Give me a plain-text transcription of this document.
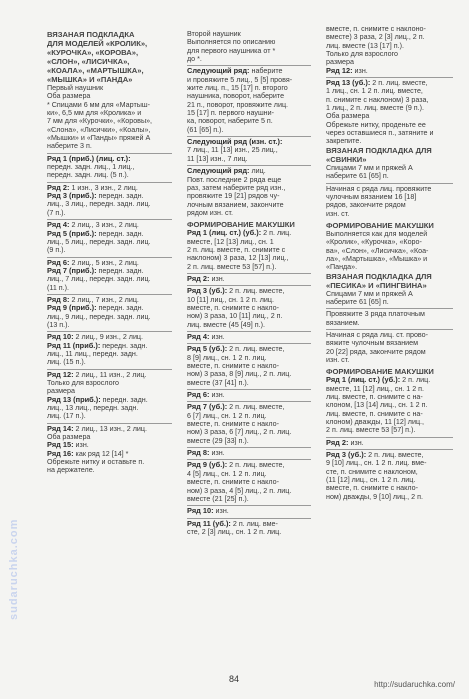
ВЯЗАНАЯ ПОДКЛАДКА
ДЛЯ МОДЕЛЕЙ «КРОЛИК»,
«КУРОЧКА», «КОРОВА»,
«СЛОН», «ЛИСИЧКА»,
«КОАЛА», «МАРТЫШКА»,
«МЫШКА» И «ПАНДА»
Первый наушник
Оба размера
* Спицами 6 мм для «Мартыш-
ки», 6,5 мм для «Кролика» и
7 мм для «Курочки», «Коровы»,
«Слона», «Лисички», «Коалы»,
«Мышки» и «Панды» пряжей А
наберите 3 п.
Ряд 1 (приб.) (лиц. ст.):
передн. задн. лиц., 1 лиц.,
передн. задн. лиц. (5 п.).
Ряд 2: 1 изн., 3 изн., 2 лиц.
Ряд 3 (приб.): передн. задн.
лиц., 3 лиц., передн. задн. лиц.
(7 п.).
Ряд 4: 2 лиц., 3 изн., 2 лиц.
Ряд 5 (приб.): передн. задн.
лиц., 5 лиц., передн. задн. лиц.
(9 п.).
Ряд 6: 2 лиц., 5 изн., 2 лиц.
Ряд 7 (приб.): передн. задн.
лиц., 7 лиц., передн. задн. лиц.
(11 п.).
Ряд 8: 2 лиц., 7 изн., 2 лиц.
Ряд 9 (приб.): передн. задн.
лиц., 9 лиц., передн. задн. лиц.
(13 п.).
Ряд 10: 2 лиц., 9 изн., 2 лиц.
Ряд 11 (приб.): передн. задн.
лиц., 11 лиц., передн. задн.
лиц. (15 п.).
Ряд 12: 2 лиц., 11 изн., 2 лиц.
Только для взрослого
размера
Ряд 13 (приб.): передн. задн.
лиц., 13 лиц., передн. задн.
лиц. (17 п.).
Ряд 14: 2 лиц., 13 изн., 2 лиц.
Оба размера
Ряд 15: изн.
Ряд 16: как ряд 12 [14] *
Обрежьте нитку и оставьте п.
на держателе.
Второй наушник
Выполняется по описанию
для первого наушника от *
до *.
Следующий ряд: наберите
и провяжите 5 лиц., 5 [5] провя-
жите лиц. п., 15 [17] п. второго
наушника, поворот, наберите
21 п., поворот, провяжите лиц.
15 [17] п. первого наушни-
ка, поворот, наберите 5 п.
(61 [65] п.).
Следующий ряд (изн. ст.):
7 лиц., 11 [13] изн., 25 лиц.,
11 [13] изн., 7 лиц.
Следующий ряд: лиц.
Повт. последние 2 ряда еще
раз, затем наберите ряд изн.,
провяжите 19 [21] рядов чу-
лочным вязанием, закончите
рядом изн. ст.
ФОРМИРОВАНИЕ МАКУШКИ
Ряд 1 (лиц. ст.) (уб.): 2 п. лиц.
вместе, [12 [13] лиц., сн. 1
2 п. лиц. вместе, п. снимите с
наклоном) 3 раза, 12 [13] лиц.,
2 п. лиц. вместе 53 [57] п.).
Ряд 2: изн.
Ряд 3 (уб.): 2 п. лиц. вместе,
10 [11] лиц., сн. 1 2 п. лиц.
вместе, п. снимите с накло-
ном) 3 раза, 10 [11] лиц., 2 п.
лиц. вместе (45 [49] п.).
Ряд 4: изн.
Ряд 5 (уб.): 2 п. лиц. вместе,
8 [9] лиц., сн. 1 2 п. лиц.
вместе, п. снимите с накло-
ном) 3 раза, 8 [9] лиц., 2 п. лиц.
вместе (37 [41] п.).
Ряд 6: изн.
Ряд 7 (уб.): 2 п. лиц. вместе,
6 [7] лиц., сн. 1 2 п. лиц.
вместе, п. снимите с накло-
ном) 3 раза, 6 [7] лиц., 2 п. лиц.
вместе (29 [33] п.).
Ряд 8: изн.
Ряд 9 (уб.): 2 п. лиц. вместе,
4 [5] лиц., сн. 1 2 п. лиц.
вместе, п. снимите с накло-
ном) 3 раза, 4 [5] лиц., 2 п. лиц.
вместе (21 [25] п.).
Ряд 10: изн.
Ряд 11 (уб.): 2 п. лиц. вме-
сте, 2 [3] лиц., сн. 1 2 п. лиц.
вместе, п. снимите с наклоно-
вместе) 3 раза, 2 [3] лиц., 2 п.
лиц. вместе (13 [17] п.).
Только для взрослого
размера
Ряд 12: изн.
Ряд 13 (уб.): 2 п. лиц. вместе,
1 лиц., сн. 1 2 п. лиц. вместе,
п. снимите с наклоном) 3 раза,
1 лиц., 2 п. лиц. вместе (9 п.).
Оба размера
Обрежьте нитку, проденьте ее
через оставшиеся п., затяните и
закрепите.
ВЯЗАНАЯ ПОДКЛАДКА ДЛЯ
«СВИНКИ»
Спицами 7 мм и пряжей А
наберите 61 [65] п.
Начиная с ряда лиц. провяжите
чулочным вязанием 16 [18]
рядов, закончите рядом
изн. ст.
ФОРМИРОВАНИЕ МАКУШКИ
Выполняется как для моделей
«Кролик», «Курочка», «Коро-
ва», «Слон», «Лисичка», «Коа-
ла», «Мартышка», «Мышка» и
«Панда».
ВЯЗАНАЯ ПОДКЛАДКА ДЛЯ
«ПЕСИКА» И «ПИНГВИНА»
Спицами 7 мм и пряжей А
наберите 61 [65] п.
Провяжите 3 ряда платочным
вязанием.
Начиная с ряда лиц. ст. прово-
вяжите чулочным вязанием
20 [22] ряда, закончите рядом
изн. ст.
ФОРМИРОВАНИЕ МАКУШКИ
Ряд 1 (лиц. ст.) (уб.): 2 п. лиц.
вместе, 11 [12] лиц., сн. 1 2 п.
лиц. вместе, п. снимите с на-
клоном, [13 [14] лиц., сн. 1 2 п.
лиц. вместе, п. снимите с на-
клоном) дважды, 11 [12] лиц.,
2 п. лиц. вместе 53 [57] п.).
Ряд 2: изн.
Ряд 3 (уб.): 2 п. лиц. вместе,
9 [10] лиц., сн. 1 2 п. лиц. вме-
сте, п. снимите с наклоном,
(11 [12] лиц., сн. 1 2 п. лиц.
вместе, п. снимите с накло-
ном) дважды, 9 [10] лиц., 2 п.
sudaruchka.com
84
http://sudaruchka.com/
